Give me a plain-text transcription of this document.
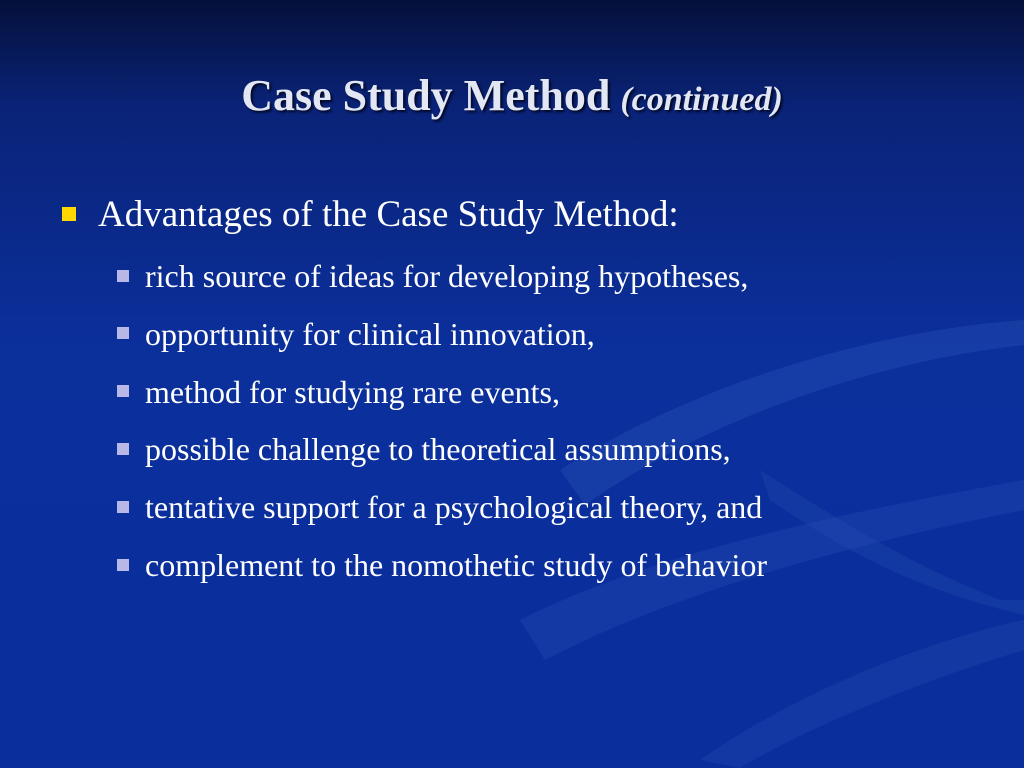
Case Study Method (continued)
Advantages of the Case Study Method:
rich source of ideas for developing hypotheses,
opportunity for clinical innovation,
method for studying rare events,
possible challenge to theoretical assumptions,
tentative support for a psychological theory, and
complement to the nomothetic study of behavior
